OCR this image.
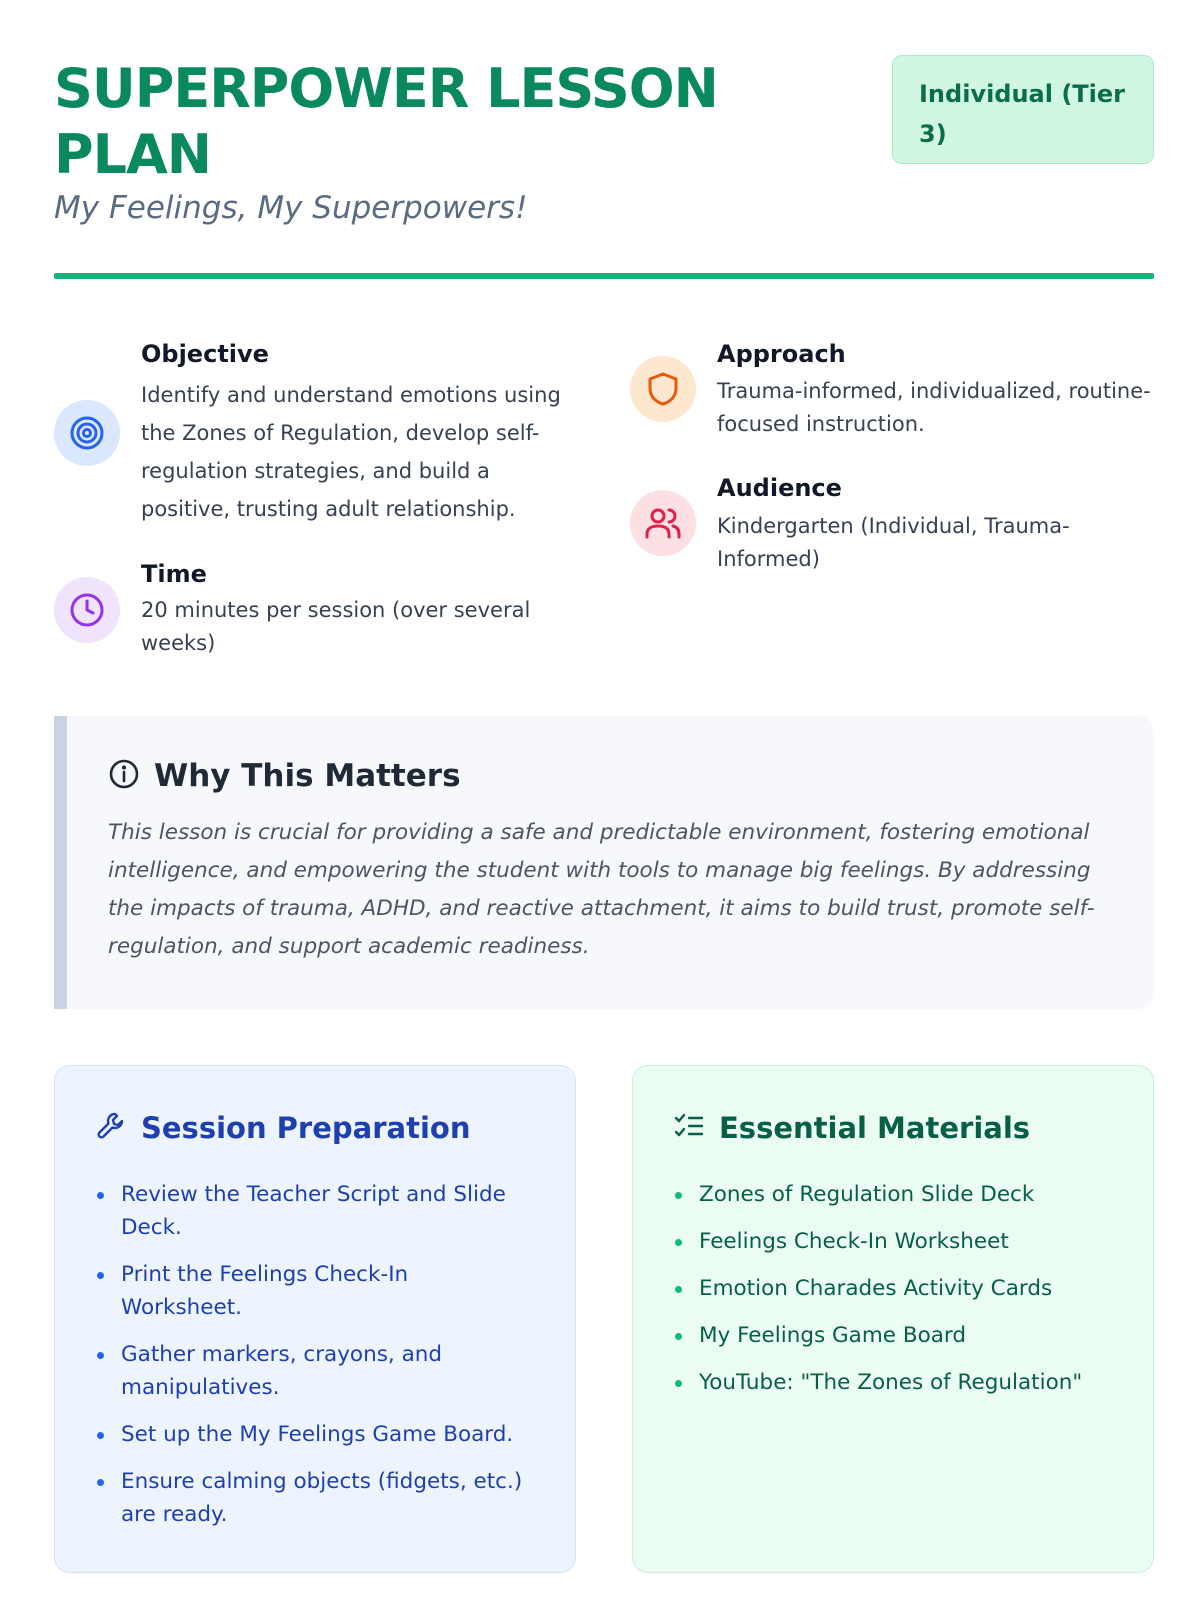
SUPERPOWER LESSON PLAN
My Feelings, My Superpowers!
Individual (Tier 3)
Objective
Identify and understand emotions using the Zones of Regulation, develop self-regulation strategies, and build a positive, trusting adult relationship.
Time
20 minutes per session (over several weeks)
Approach
Trauma-informed, individualized, routine-focused instruction.
Audience
Kindergarten (Individual, Trauma-Informed)
Why This Matters

This lesson is crucial for providing a safe and predictable environment, fostering emotional intelligence, and empowering the student with tools to manage big feelings. By addressing the impacts of trauma, ADHD, and reactive attachment, it aims to build trust, promote self-regulation, and support academic readiness.

Session Preparation
Review the Teacher Script and Slide Deck.
Print the Feelings Check-In Worksheet.
Gather markers, crayons, and manipulatives.
Set up the My Feelings Game Board.
Ensure calming objects (fidgets, etc.) are ready.
Essential Materials
Zones of Regulation Slide Deck
Feelings Check-In Worksheet
Emotion Charades Activity Cards
My Feelings Game Board
YouTube: "The Zones of Regulation"
